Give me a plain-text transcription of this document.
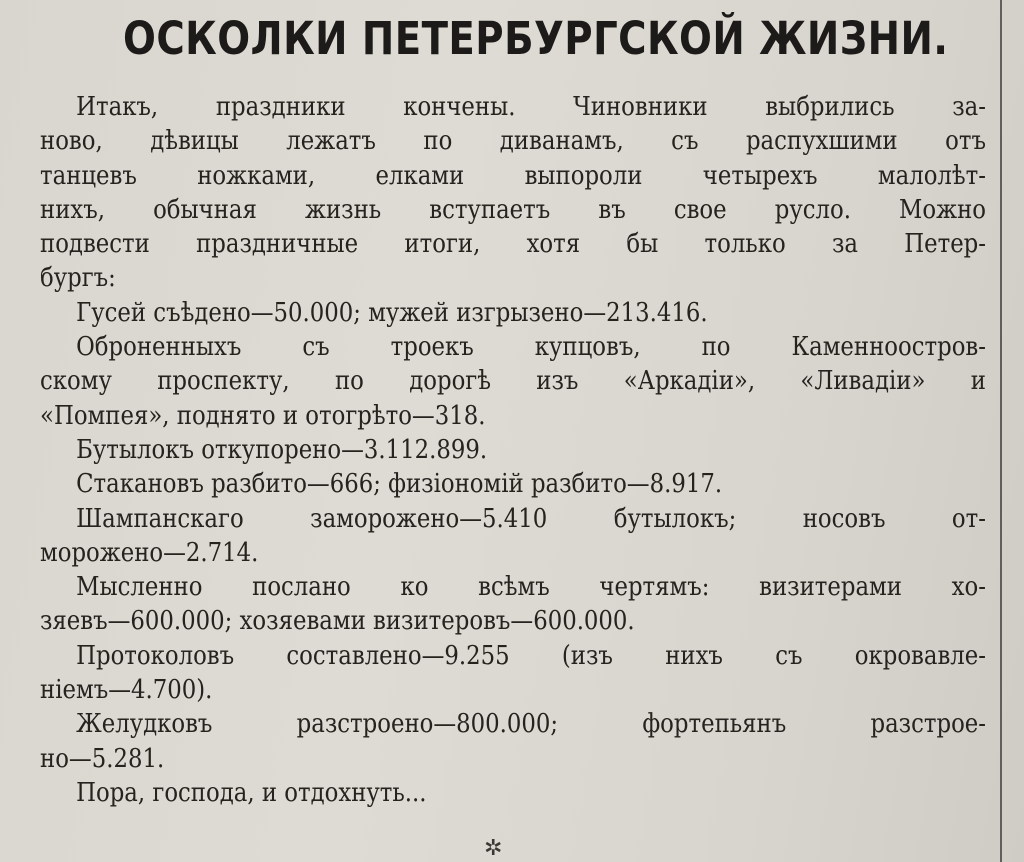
ОСКОЛКИ ПЕТЕРБУРГСКОЙ ЖИЗНИ.
Итакъ, праздники кончены. Чиновники выбрились за-
ново, дѣвицы лежатъ по диванамъ, съ распухшими отъ
танцевъ ножками, елками выпороли четырехъ малолѣт-
нихъ, обычная жизнь вступаетъ въ свое русло. Можно
подвести праздничные итоги, хотя бы только за Петер-
бургъ:
Гусей съѣдено—50.000; мужей изгрызено—213.416.
Оброненныхъ съ троекъ купцовъ, по Каменноостров-
скому проспекту, по дорогѣ изъ «Аркадіи», «Ливадіи» и
«Помпея», поднято и отогрѣто—318.
Бутылокъ откупорено—3.112.899.
Стакановъ разбито—666; физіономій разбито—8.917.
Шампанскаго	заморожено—5.410	бутылокъ;	носовъ	от-
морожено—2.714.
Мысленно послано ко всѣмъ чертямъ: визитерами хо-
зяевъ—600.000; хозяевами визитеровъ—600.000.
Протоколовъ составлено—9.255 (изъ нихъ съ окровавле-
ніемъ—4.700).
Желудковъ	разстроено—800.000;	фортепьянъ	разстрое-
но—5.281.
Пора, господа, и отдохнуть...
✲
